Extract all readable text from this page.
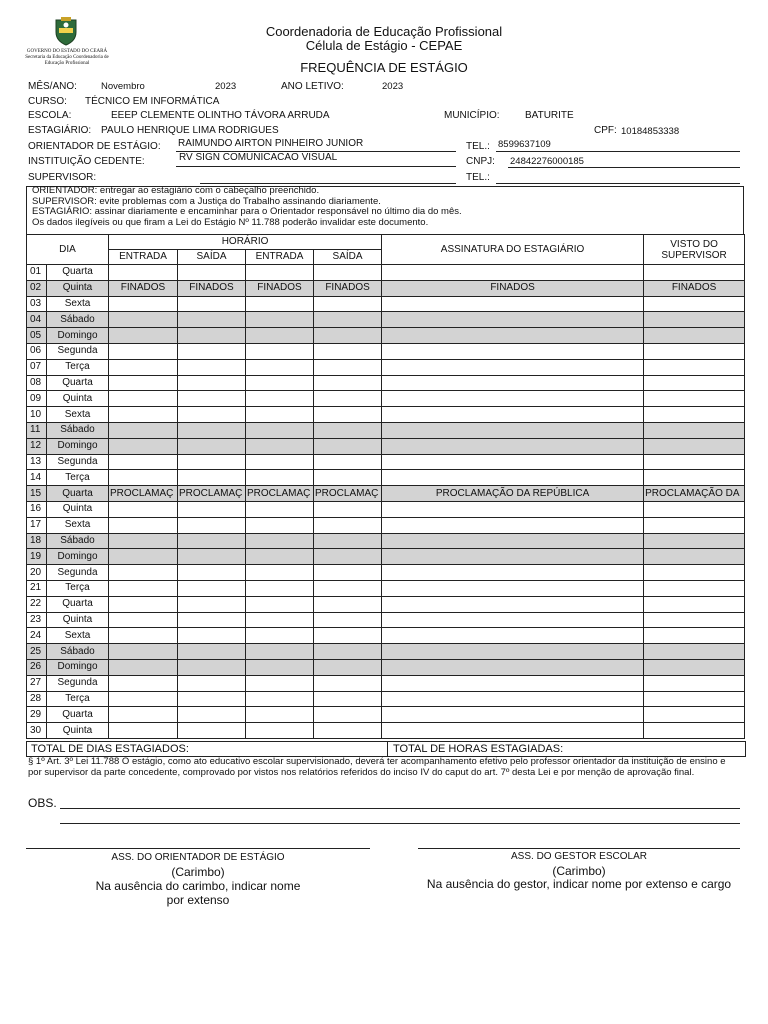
GOVERNO DO ESTADO DO CEARÁ Secretaria da Educação Coordenadoria de Educação Profissional
Coordenadoria de Educação Profissional
Célula de Estágio - CEPAE
FREQUÊNCIA DE ESTÁGIO
MÊS/ANO:	Novembro	2023	ANO LETIVO:	2023
CURSO: TÉCNICO EM INFORMÁTICA
ESCOLA:	EEEP CLEMENTE OLINTHO TÁVORA ARRUDA	MUNICÍPIO:	BATURITE
ESTAGIÁRIO: PAULO HENRIQUE LIMA RODRIGUES	CPF: 10184853338
ORIENTADOR DE ESTÁGIO: RAIMUNDO AIRTON PINHEIRO JUNIOR	TEL.: 8599637109
INSTITUIÇÃO CEDENTE:	RV SIGN COMUNICACAO VISUAL	CNPJ: 24842276000185
SUPERVISOR:	TEL.:
ORIENTADOR: entregar ao estagiário com o cabeçalho preenchido.
SUPERVISOR: evite problemas com a Justiça do Trabalho assinando diariamente.
ESTAGIÁRIO: assinar diariamente e encaminhar para o Orientador responsável no último dia do mês.
Os dados ilegíveis ou que firam a Lei do Estágio Nº 11.788 poderão invalidar este documento.
DIA		HORÁRIO				ASSINATURA DO ESTAGIÁRIO	VISTO DO SUPERVISOR
		ENTRADA	SAÍDA	ENTRADA	SAÍDA		
01	Quarta						
02	Quinta	FINADOS	FINADOS	FINADOS	FINADOS	FINADOS	FINADOS
03	Sexta						
04	Sábado						
05	Domingo						
06	Segunda						
07	Terça						
08	Quarta						
09	Quinta						
10	Sexta						
11	Sábado						
12	Domingo						
13	Segunda						
14	Terça						
15	Quarta	PROCLAMAÇ	PROCLAMAÇ	PROCLAMAÇ	PROCLAMAÇ	PROCLAMAÇÃO DA REPÚBLICA	PROCLAMAÇÃO DA
16	Quinta						
17	Sexta						
18	Sábado						
19	Domingo						
20	Segunda						
21	Terça						
22	Quarta						
23	Quinta						
24	Sexta						
25	Sábado						
26	Domingo						
27	Segunda						
28	Terça						
29	Quarta						
30	Quinta						
TOTAL DE DIAS ESTAGIADOS:	TOTAL DE HORAS ESTAGIADAS:
§ 1º Art. 3º Lei 11.788 O estágio, como ato educativo escolar supervisionado, deverá ter acompanhamento efetivo pelo professor orientador da instituição de ensino e por supervisor da parte concedente, comprovado por vistos nos relatórios referidos do inciso IV do caput do art. 7º desta Lei e por menção de aprovação final.
OBS.
ASS. DO ORIENTADOR DE ESTÁGIO
(Carimbo)
Na ausência do carimbo, indicar nome por extenso
ASS. DO GESTOR ESCOLAR
(Carimbo)
Na ausência do gestor, indicar nome por extenso e cargo
